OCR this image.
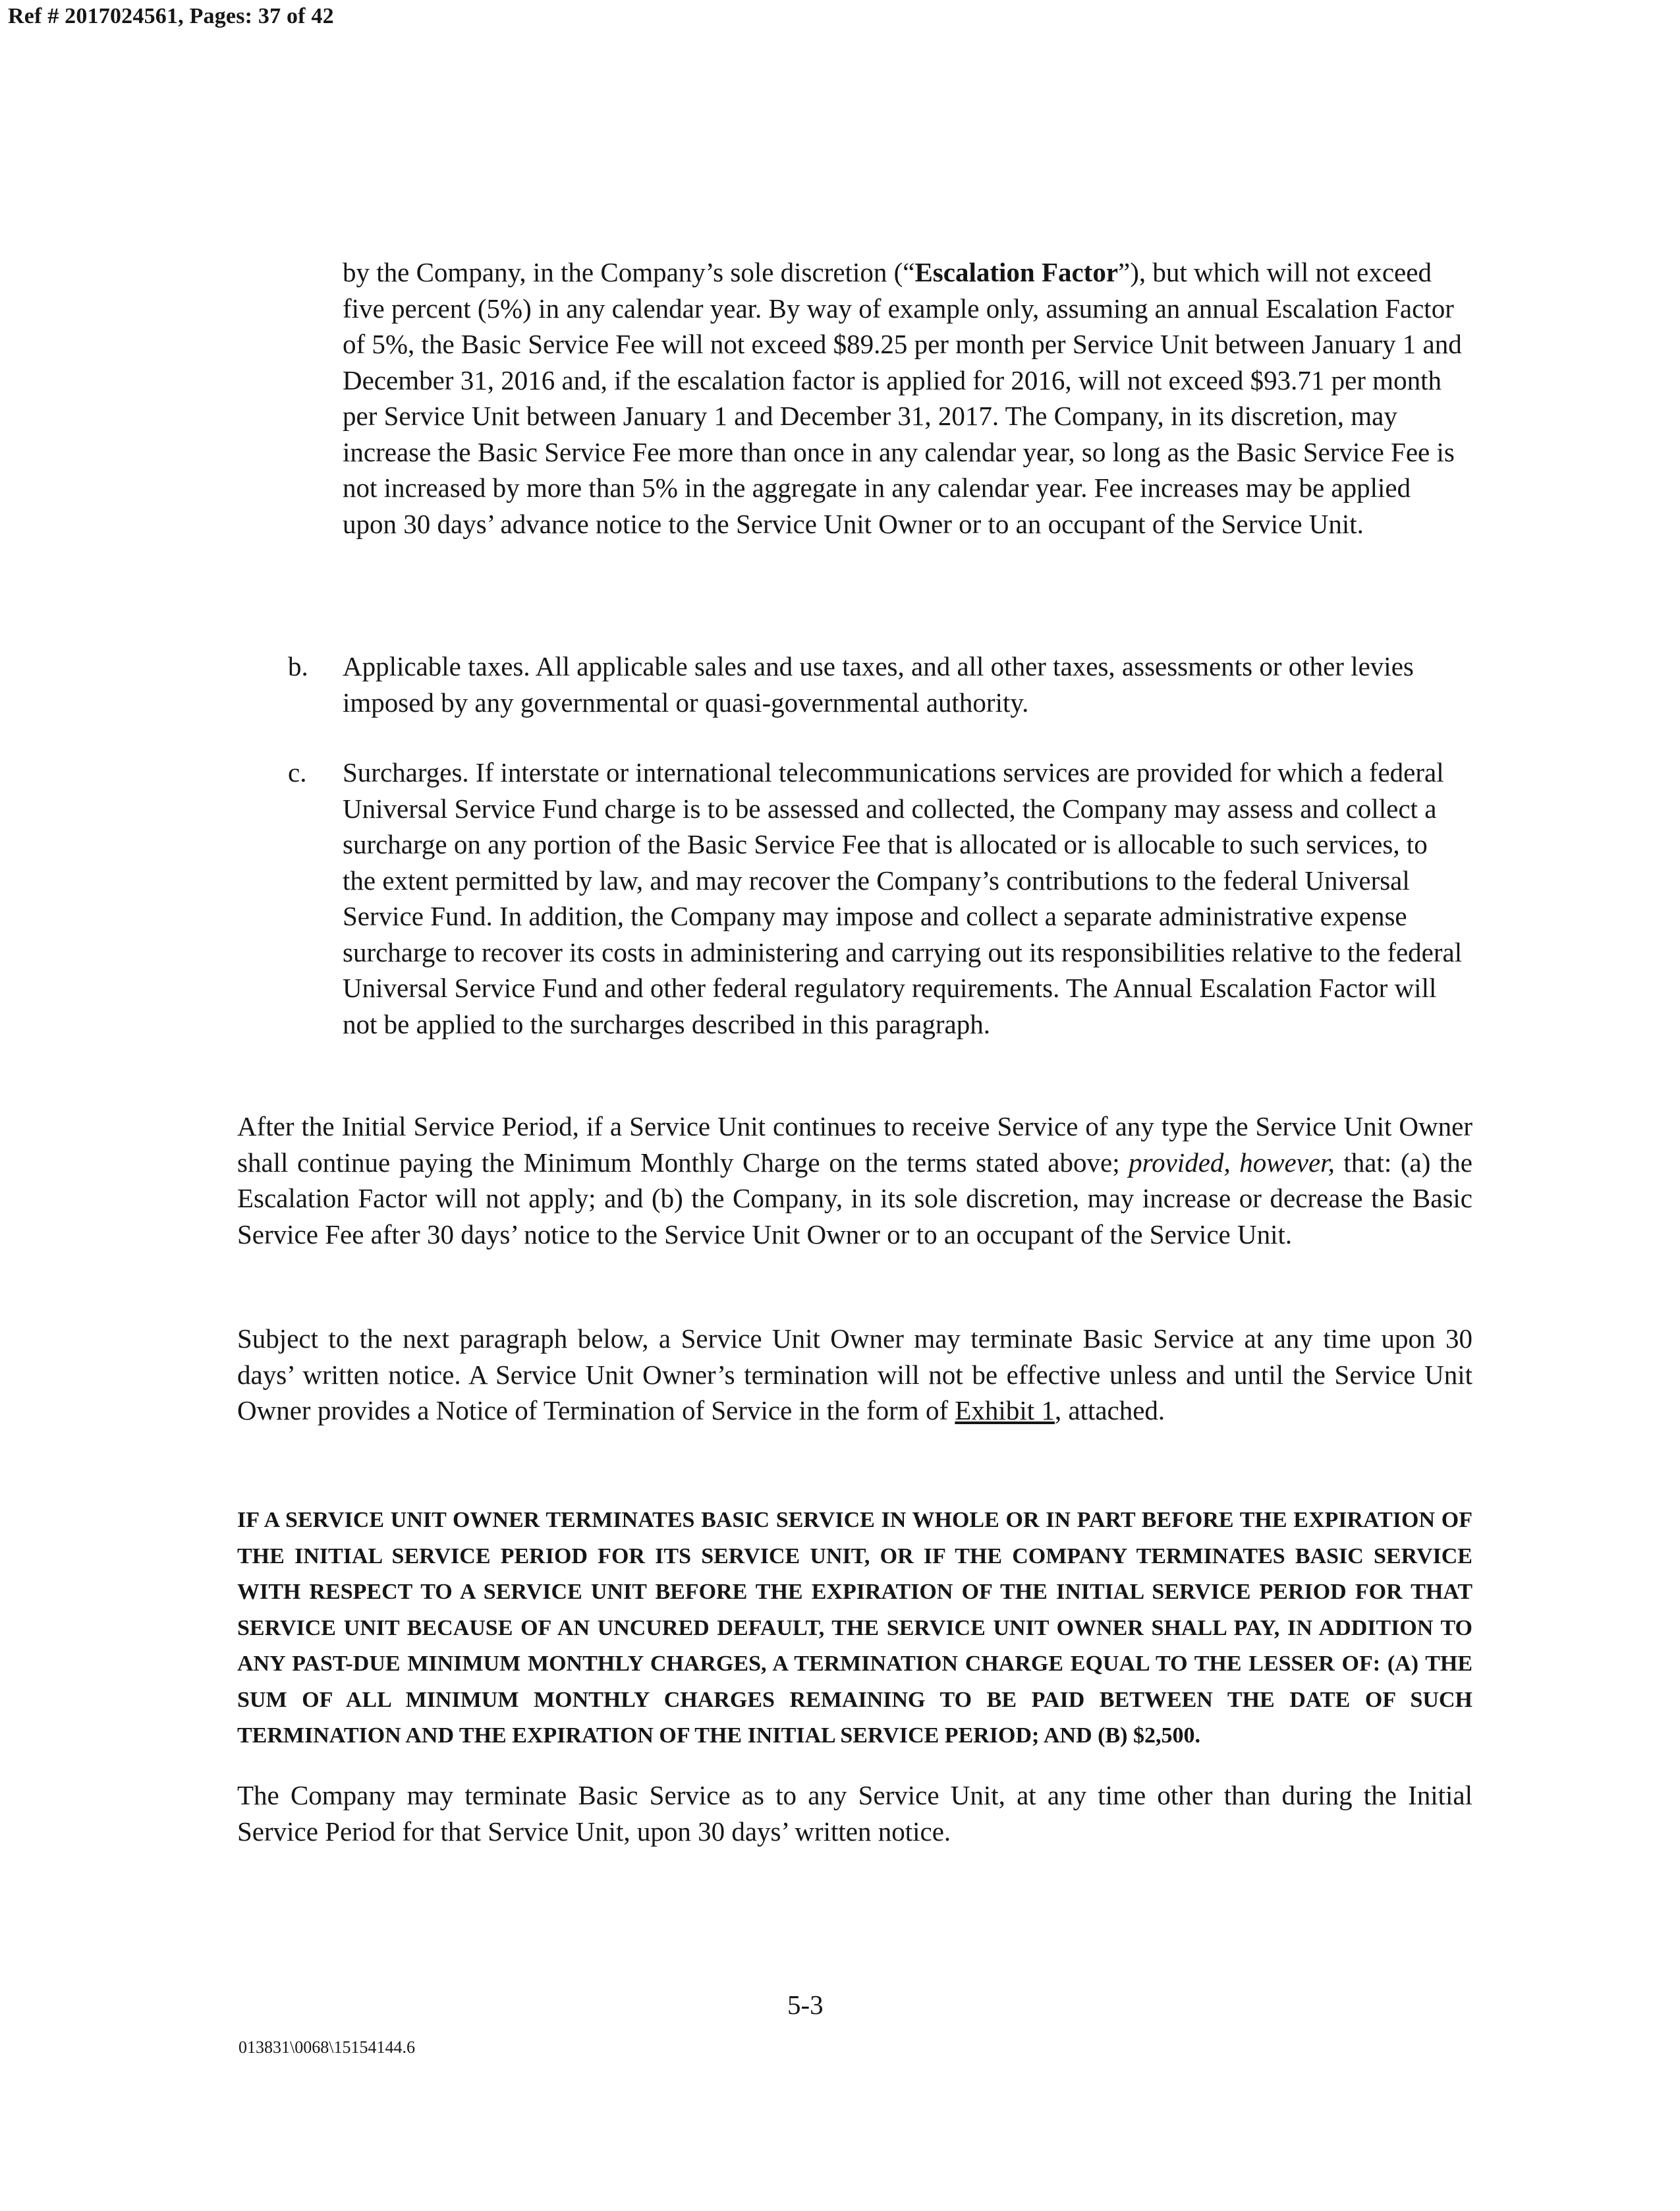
Ref # 2017024561, Pages: 37 of 42

by the Company, in the Company’s sole discretion (“Escalation Factor”), but which will not exceed five percent (5%) in any calendar year. By way of example only, assuming an annual Escalation Factor of 5%, the Basic Service Fee will not exceed $89.25 per month per Service Unit between January 1 and December 31, 2016 and, if the escalation factor is applied for 2016, will not exceed $93.71 per month per Service Unit between January 1 and December 31, 2017. The Company, in its discretion, may increase the Basic Service Fee more than once in any calendar year, so long as the Basic Service Fee is not increased by more than 5% in the aggregate in any calendar year. Fee increases may be applied upon 30 days’ advance notice to the Service Unit Owner or to an occupant of the Service Unit.

b. Applicable taxes. All applicable sales and use taxes, and all other taxes, assessments or other levies imposed by any governmental or quasi-governmental authority.

c. Surcharges. If interstate or international telecommunications services are provided for which a federal Universal Service Fund charge is to be assessed and collected, the Company may assess and collect a surcharge on any portion of the Basic Service Fee that is allocated or is allocable to such services, to the extent permitted by law, and may recover the Company’s contributions to the federal Universal Service Fund. In addition, the Company may impose and collect a separate administrative expense surcharge to recover its costs in administering and carrying out its responsibilities relative to the federal Universal Service Fund and other federal regulatory requirements. The Annual Escalation Factor will not be applied to the surcharges described in this paragraph.

After the Initial Service Period, if a Service Unit continues to receive Service of any type the Service Unit Owner shall continue paying the Minimum Monthly Charge on the terms stated above; provided, however, that: (a) the Escalation Factor will not apply; and (b) the Company, in its sole discretion, may increase or decrease the Basic Service Fee after 30 days’ notice to the Service Unit Owner or to an occupant of the Service Unit.

Subject to the next paragraph below, a Service Unit Owner may terminate Basic Service at any time upon 30 days’ written notice. A Service Unit Owner’s termination will not be effective unless and until the Service Unit Owner provides a Notice of Termination of Service in the form of Exhibit 1, attached.

IF A SERVICE UNIT OWNER TERMINATES BASIC SERVICE IN WHOLE OR IN PART BEFORE THE EXPIRATION OF THE INITIAL SERVICE PERIOD FOR ITS SERVICE UNIT, OR IF THE COMPANY TERMINATES BASIC SERVICE WITH RESPECT TO A SERVICE UNIT BEFORE THE EXPIRATION OF THE INITIAL SERVICE PERIOD FOR THAT SERVICE UNIT BECAUSE OF AN UNCURED DEFAULT, THE SERVICE UNIT OWNER SHALL PAY, IN ADDITION TO ANY PAST-DUE MINIMUM MONTHLY CHARGES, A TERMINATION CHARGE EQUAL TO THE LESSER OF: (A) THE SUM OF ALL MINIMUM MONTHLY CHARGES REMAINING TO BE PAID BETWEEN THE DATE OF SUCH TERMINATION AND THE EXPIRATION OF THE INITIAL SERVICE PERIOD; AND (B) $2,500.

The Company may terminate Basic Service as to any Service Unit, at any time other than during the Initial Service Period for that Service Unit, upon 30 days’ written notice.

5-3
013831\0068\15154144.6
